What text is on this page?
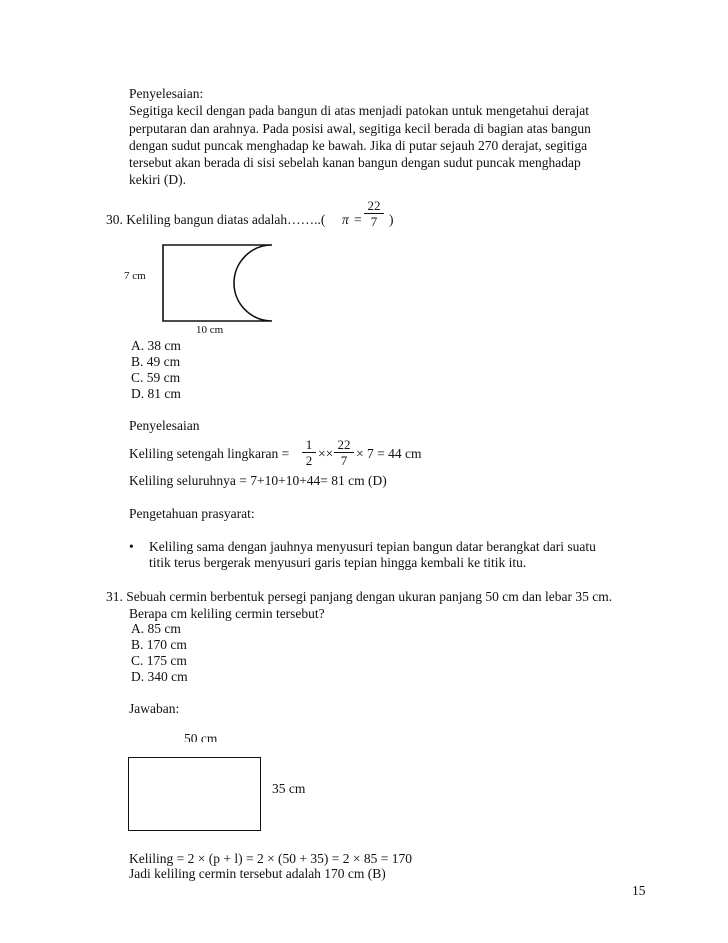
Penyelesaian:
Segitiga kecil dengan pada bangun di atas menjadi patokan untuk mengetahui derajat
perputaran dan arahnya. Pada posisi awal, segitiga kecil berada di bagian atas bangun
dengan sudut puncak menghadap ke bawah. Jika di putar sejauh 270 derajat, segitiga
tersebut akan berada di sisi sebelah kanan bangun dengan sudut puncak menghadap
kekiri (D).
30. Keliling bangun diatas adalah……..( $\pi = \frac{22}{7}$ )
7 cm
10 cm
A. 38 cm
B. 49 cm
C. 59 cm
D. 81 cm
Penyelesaian
Keliling setengah lingkaran = $\frac{1}{2} \times\times \frac{22}{7} \times 7 = 44$ cm
Keliling seluruhnya = 7+10+10+44= 81 cm (D)
Pengetahuan prasyarat:
• Keliling sama dengan jauhnya menyusuri tepian bangun datar berangkat dari suatu
titik terus bergerak menyusuri garis tepian hingga kembali ke titik itu.
31. Sebuah cermin berbentuk persegi panjang dengan ukuran panjang 50 cm dan lebar 35 cm.
Berapa cm keliling cermin tersebut?
A. 85 cm
B. 170 cm
C. 175 cm
D. 340 cm
Jawaban:
50 cm
35 cm
Keliling = 2 × (p + l) = 2 × (50 + 35) = 2 × 85 = 170
Jadi keliling cermin tersebut adalah 170 cm (B)
15
